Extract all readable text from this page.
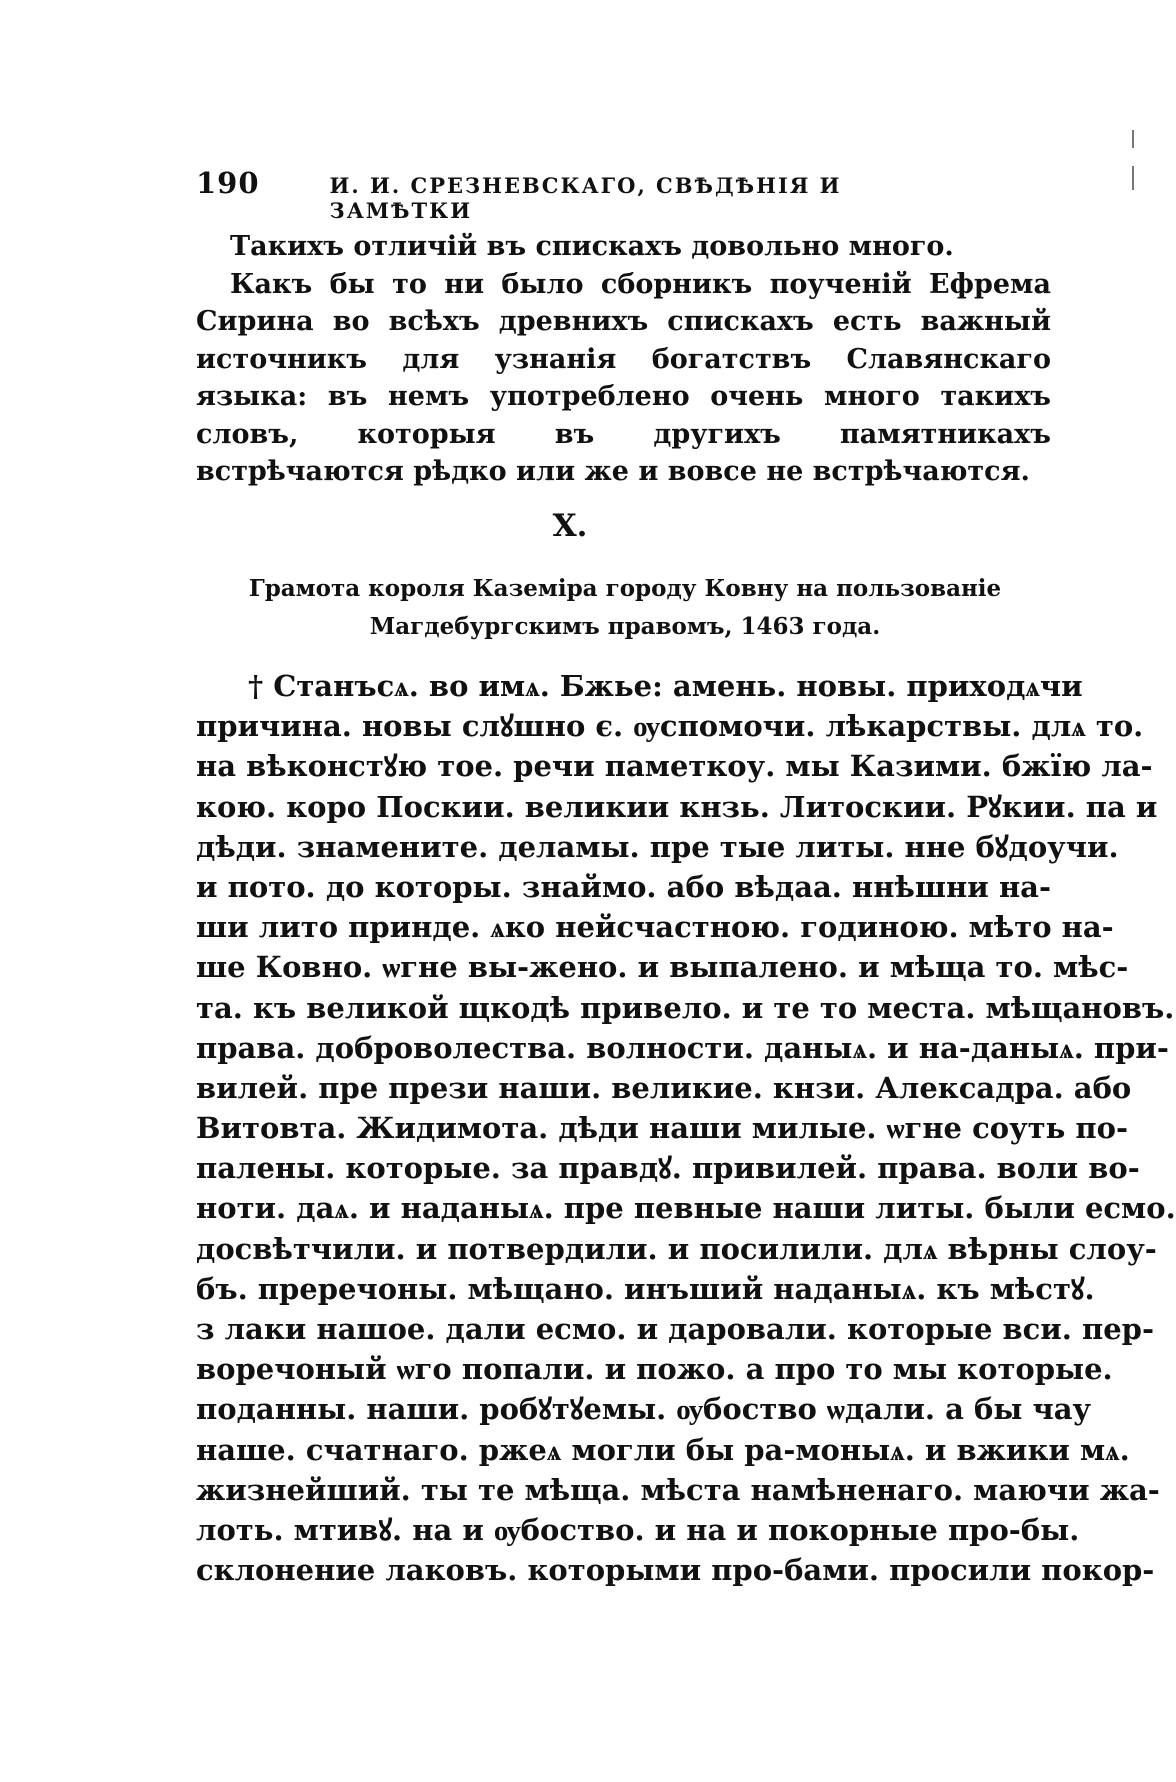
190	И. И. СРЕЗНЕВСКАГО, СВѢДѢНІЯ И ЗАМѢТКИ

Такихъ отличій въ спискахъ довольно много.

Какъ бы то ни было сборникъ поученій Ефрема Сирина во всѣхъ древнихъ спискахъ есть важный источникъ для узнанія богатствъ Славянскаго языка: въ немъ употреблено очень много такихъ словъ, которыя въ другихъ памятникахъ встрѣчаются рѣдко или же и вовсе не встрѣчаются.

X.
Грамота короля Каземіра городу Ковну на пользованіе Магдебургскимъ правомъ, 1463 года.
† Станъсѧ. во имѧ. Бжье: амень. новы. приходѧчи
причина. новы слꙋшно є. ѹспомочи. лѣкарствы. длѧ то.
на вѣконстꙋю тое. речи паметкоу. мы Казими. бжїю ла-
кою. коро Поскии. великии кнзь. Литоскии. Рꙋкии. па и
дѣди. знамените. деламы. пре тые литы. нне бꙋдоучи.
и пото. до которы. знаймо. або вѣдаа. ннѣшни на-
ши лито принде. ѧко нейсчастною. годиною. мѣто на-
ше Ковно. ѡгне вы-жено. и выпалено. и мѣща то. мѣс-
та. къ великой щкодѣ привело. и те то места. мѣщановъ.
права. доброволества. волности. даныѧ. и на-даныѧ. при-
вилей. пре прези наши. великие. кнзи. Алексадра. або
Витовта. Жидимота. дѣди наши милые. ѡгне соуть по-
палены. которые. за правдꙋ. привилей. права. воли во-
ноти. даѧ. и наданыѧ. пре певные наши литы. были есмо.
досвѣтчили. и потвердили. и посилили. длѧ вѣрны слоу-
бъ. преречоны. мѣщано. инъший наданыѧ. къ мѣстꙋ.
з лаки нашое. дали есмо. и даровали. которые вси. пер-
воречоный ѡго попали. и пожо. а про то мы которые.
поданны. наши. робꙋтꙋемы. ѹбоство ѡдали. а бы чау
наше. счатнаго. ржеѧ могли бы ра-моныѧ. и вжики мѧ.
жизнейший. ты те мѣща. мѣста намѣненаго. маючи жа-
лоть. мтивꙋ. на и ѹбоство. и на и покорные про-бы.
склонение лаковъ. которыми про-бами. просили покор-
